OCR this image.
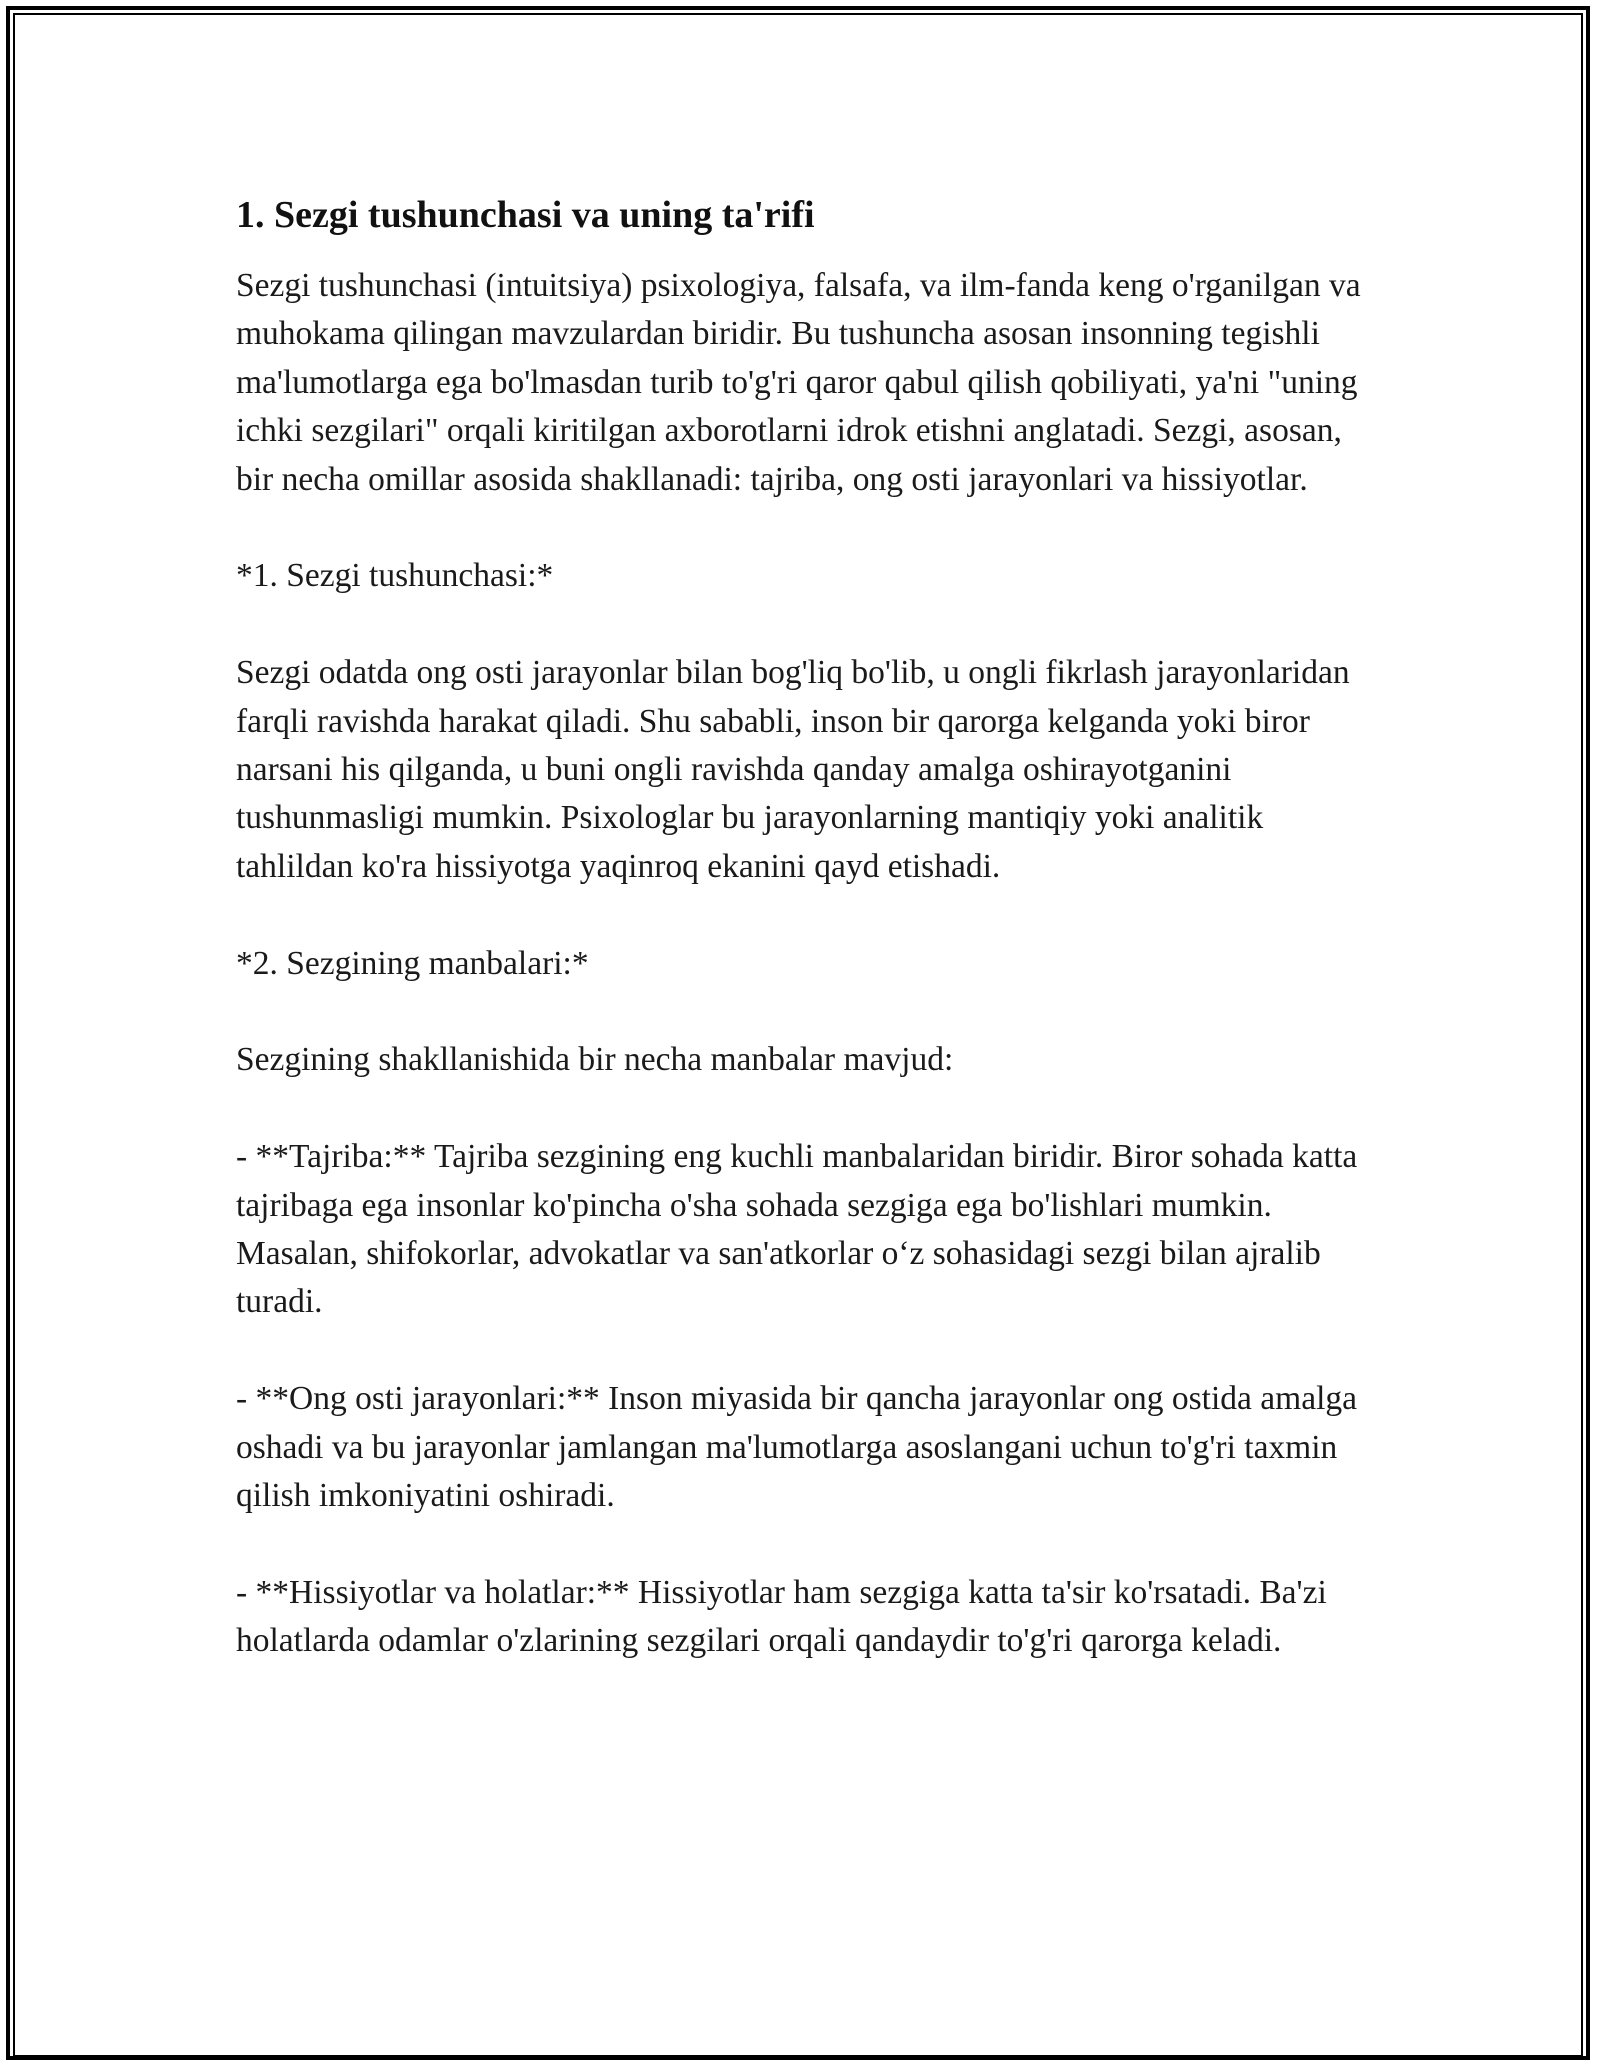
1. Sezgi tushunchasi va uning ta'rifi

Sezgi tushunchasi (intuitsiya) psixologiya, falsafa, va ilm-fanda keng o'rganilgan va muhokama qilingan mavzulardan biridir. Bu tushuncha asosan insonning tegishli ma'lumotlarga ega bo'lmasdan turib to'g'ri qaror qabul qilish qobiliyati, ya'ni "uning ichki sezgilari" orqali kiritilgan axborotlarni idrok etishni anglatadi. Sezgi, asosan, bir necha omillar asosida shakllanadi: tajriba, ong osti jarayonlari va hissiyotlar.

*1. Sezgi tushunchasi:*

Sezgi odatda ong osti jarayonlar bilan bog'liq bo'lib, u ongli fikrlash jarayonlaridan farqli ravishda harakat qiladi. Shu sababli, inson bir qarorga kelganda yoki biror narsani his qilganda, u buni ongli ravishda qanday amalga oshirayotganini tushunmasligi mumkin. Psixologlar bu jarayonlarning mantiqiy yoki analitik tahlildan ko'ra hissiyotga yaqinroq ekanini qayd etishadi.

*2. Sezgining manbalari:*

Sezgining shakllanishida bir necha manbalar mavjud:

- **Tajriba:** Tajriba sezgining eng kuchli manbalaridan biridir. Biror sohada katta tajribaga ega insonlar ko'pincha o'sha sohada sezgiga ega bo'lishlari mumkin. Masalan, shifokorlar, advokatlar va san'atkorlar o‘z sohasidagi sezgi bilan ajralib turadi.

- **Ong osti jarayonlari:** Inson miyasida bir qancha jarayonlar ong ostida amalga oshadi va bu jarayonlar jamlangan ma'lumotlarga asoslangani uchun to'g'ri taxmin qilish imkoniyatini oshiradi.

- **Hissiyotlar va holatlar:** Hissiyotlar ham sezgiga katta ta'sir ko'rsatadi. Ba'zi holatlarda odamlar o'zlarining sezgilari orqali qandaydir to'g'ri qarorga keladi.
